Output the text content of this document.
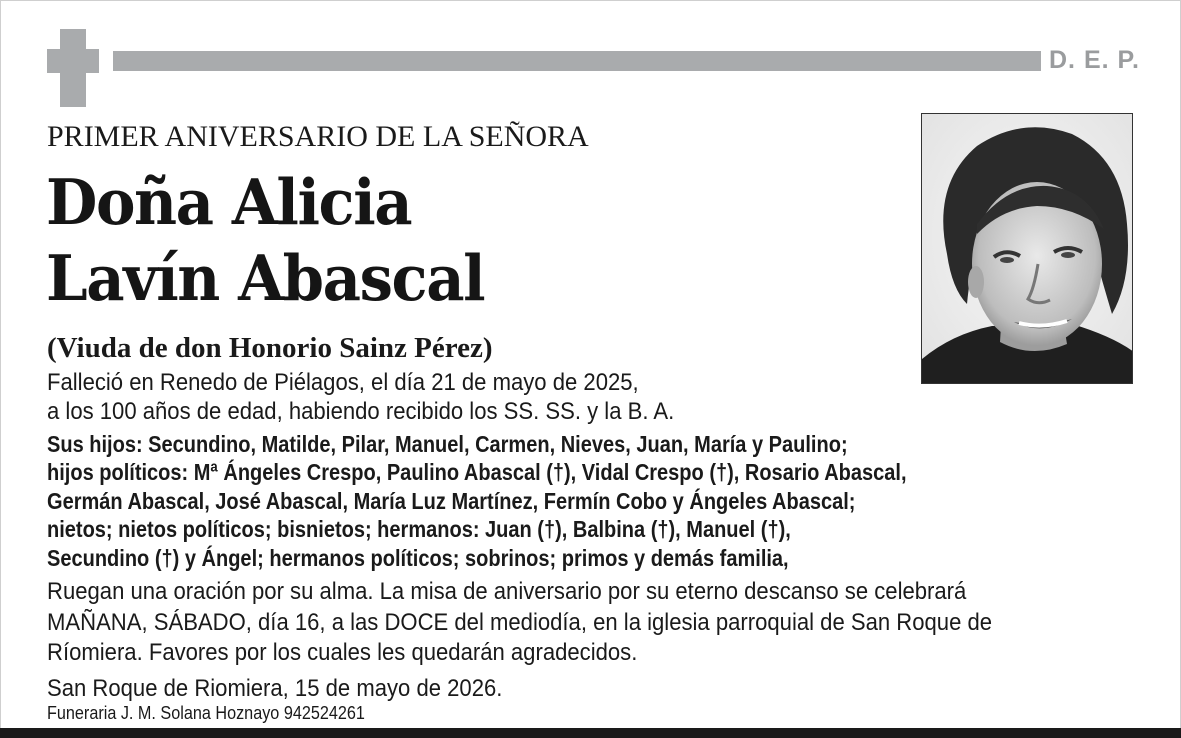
D. E. P.
PRIMER ANIVERSARIO DE LA SEÑORA
Doña Alicia
Lavín Abascal
(Viuda de don Honorio Sainz Pérez)
Falleció en Renedo de Piélagos, el día 21 de mayo de 2025,
a los 100 años de edad, habiendo recibido los SS. SS. y la B. A.
Sus hijos: Secundino, Matilde, Pilar, Manuel, Carmen, Nieves, Juan, María y Paulino;
hijos políticos: Mª Ángeles Crespo, Paulino Abascal (†), Vidal Crespo (†), Rosario Abascal,
Germán Abascal, José Abascal, María Luz Martínez, Fermín Cobo y Ángeles Abascal;
nietos; nietos políticos; bisnietos; hermanos: Juan (†), Balbina (†), Manuel (†),
Secundino (†) y Ángel; hermanos políticos; sobrinos; primos y demás familia,
Ruegan una oración por su alma. La misa de aniversario por su eterno descanso se celebrará
MAÑANA, SÁBADO, día 16, a las DOCE del mediodía, en la iglesia parroquial de San Roque de
Ríomiera. Favores por los cuales les quedarán agradecidos.
San Roque de Riomiera, 15 de mayo de 2026.
Funeraria J. M. Solana Hoznayo 942524261
